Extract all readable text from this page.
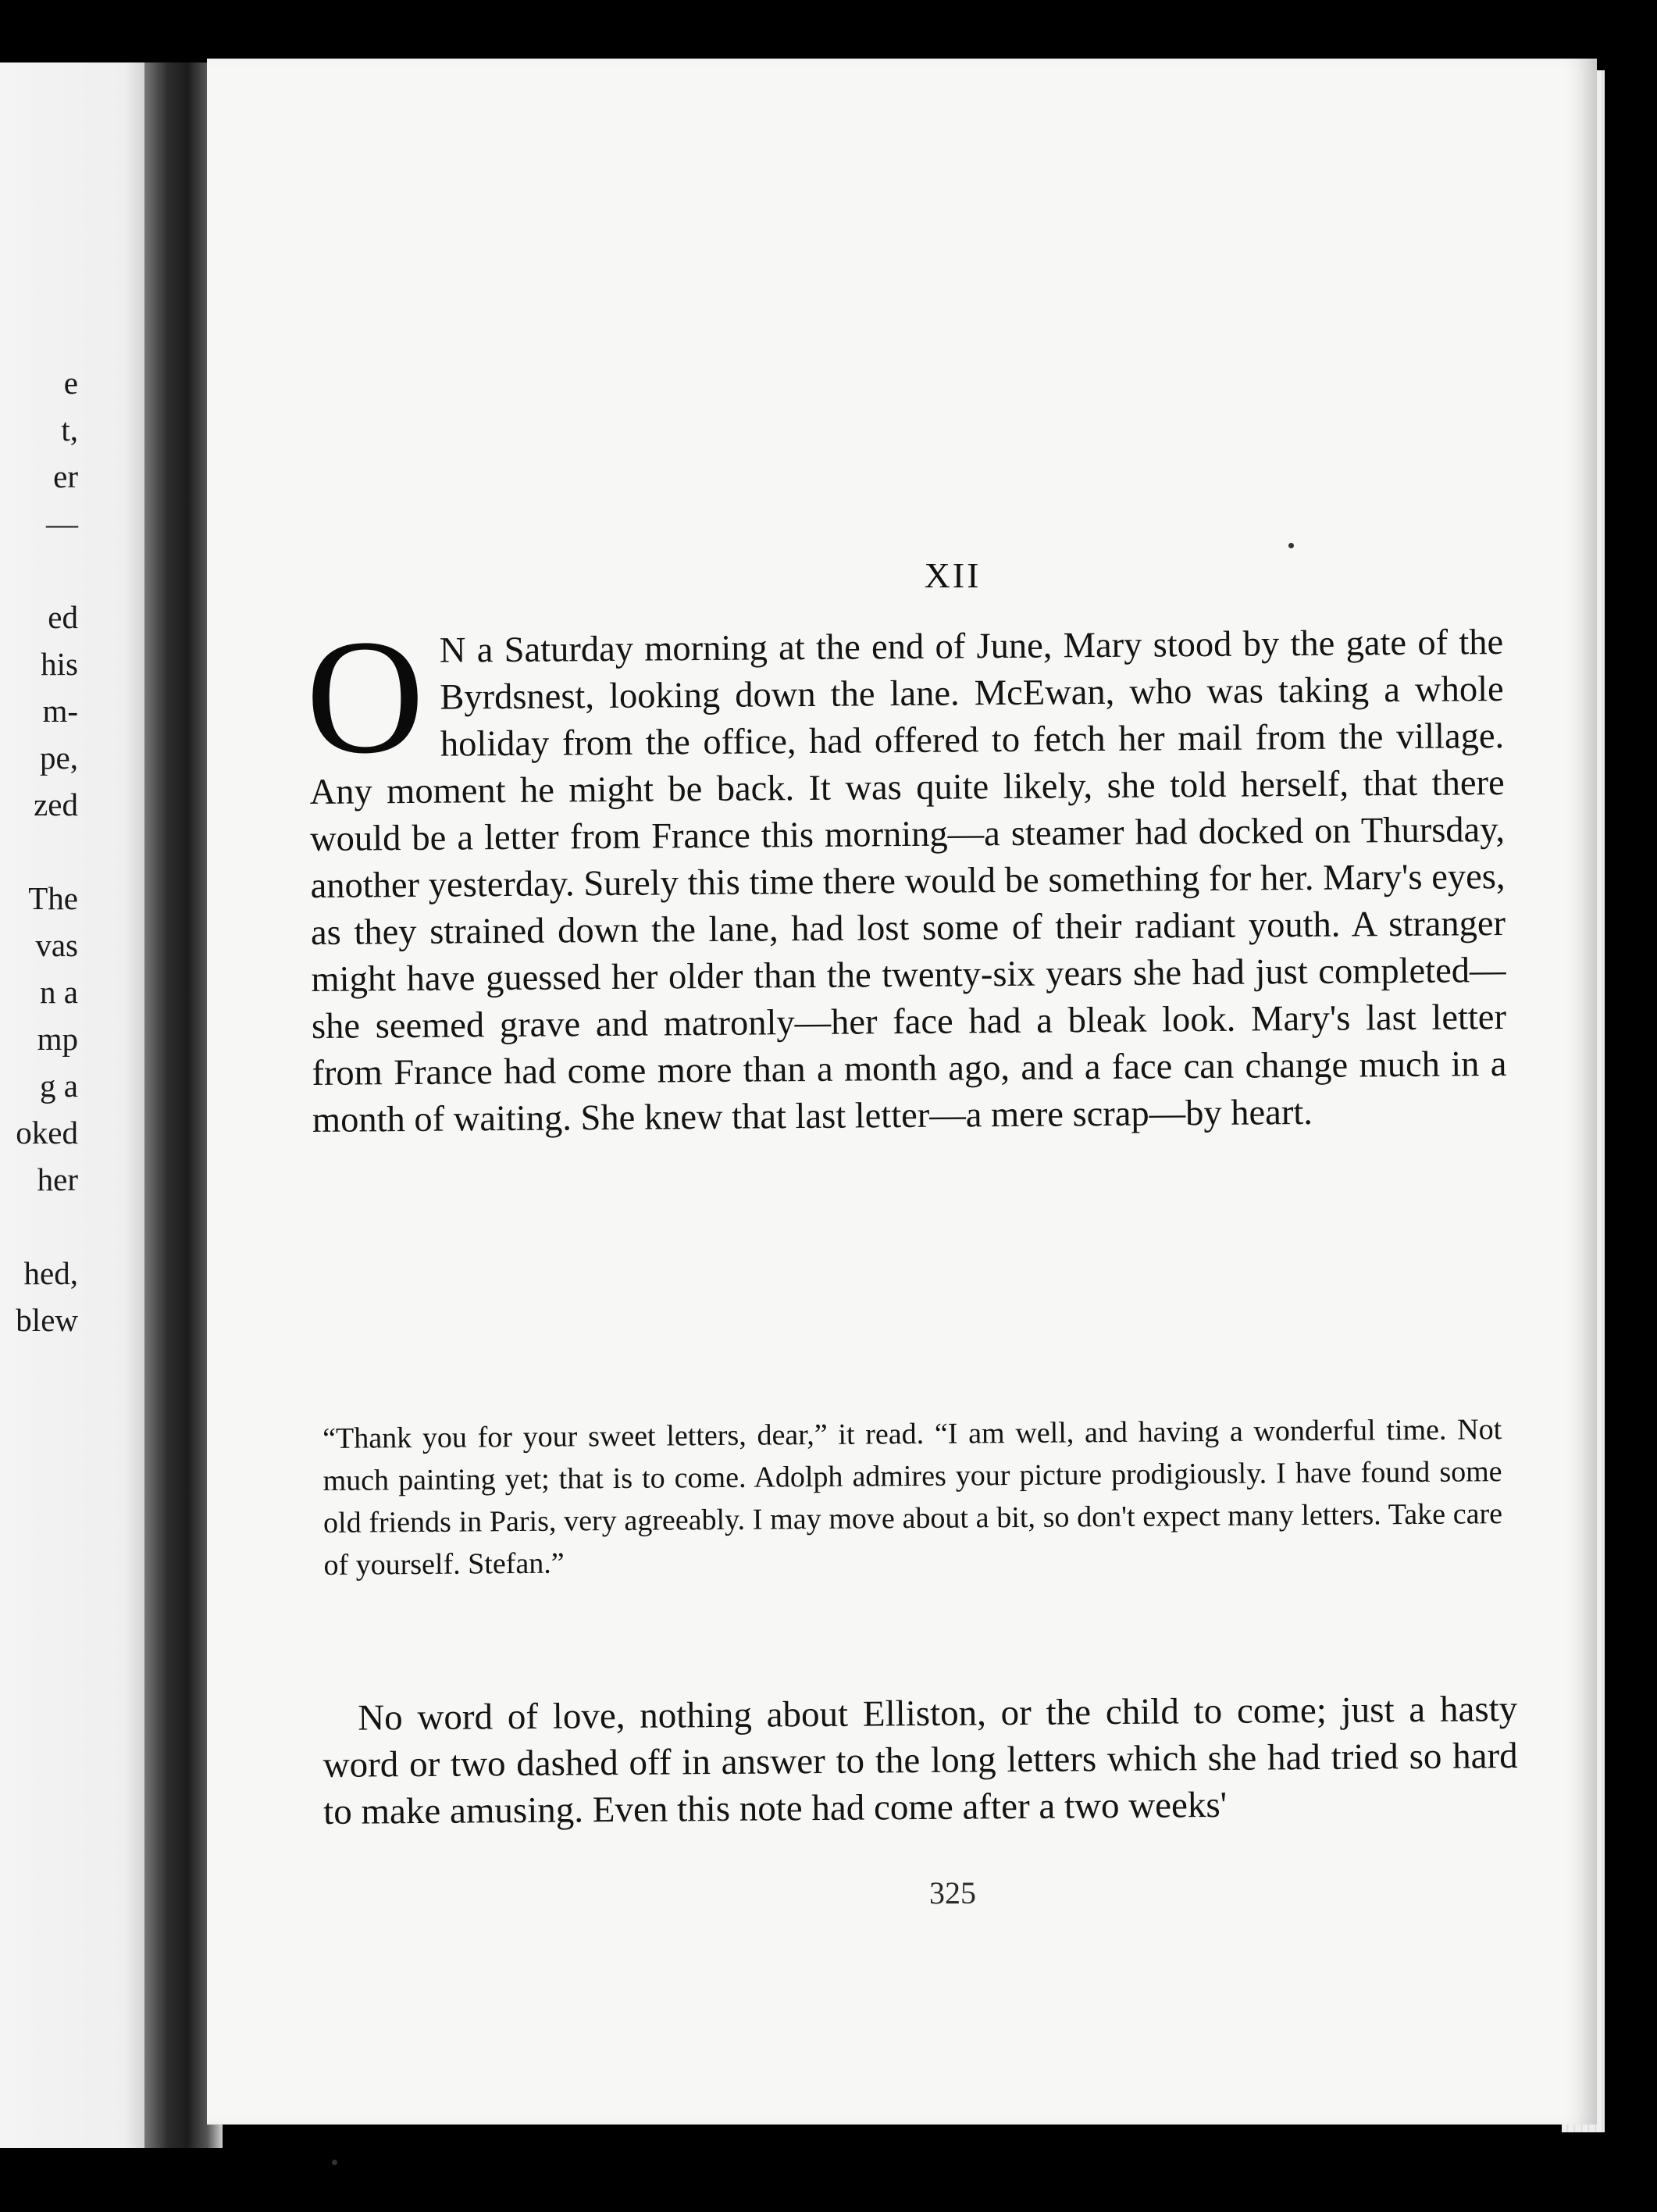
e
t,
er
—
ed
his
m-
pe,
zed
The
vas
n a
mp
g a
oked
her
hed,
blew
XII
O N a Saturday morning at the end of June, Mary stood by the gate of the Byrdsnest, looking down the lane. McEwan, who was taking a whole holiday from the office, had offered to fetch her mail from the village. Any moment he might be back. It was quite likely, she told herself, that there would be a letter from France this morning—a steamer had docked on Thursday, another yesterday. Surely this time there would be something for her. Mary's eyes, as they strained down the lane, had lost some of their radiant youth. A stranger might have guessed her older than the twenty-six years she had just completed—she seemed grave and matronly—her face had a bleak look. Mary's last letter from France had come more than a month ago, and a face can change much in a month of waiting. She knew that last letter—a mere scrap—by heart.
“Thank you for your sweet letters, dear,” it read. “I am well, and having a wonderful time. Not much painting yet; that is to come. Adolph admires your picture prodigiously. I have found some old friends in Paris, very agreeably. I may move about a bit, so don't expect many letters. Take care of yourself. Stefan.”
No word of love, nothing about Elliston, or the child to come; just a hasty word or two dashed off in answer to the long letters which she had tried so hard to make amusing. Even this note had come after a two weeks'
325
